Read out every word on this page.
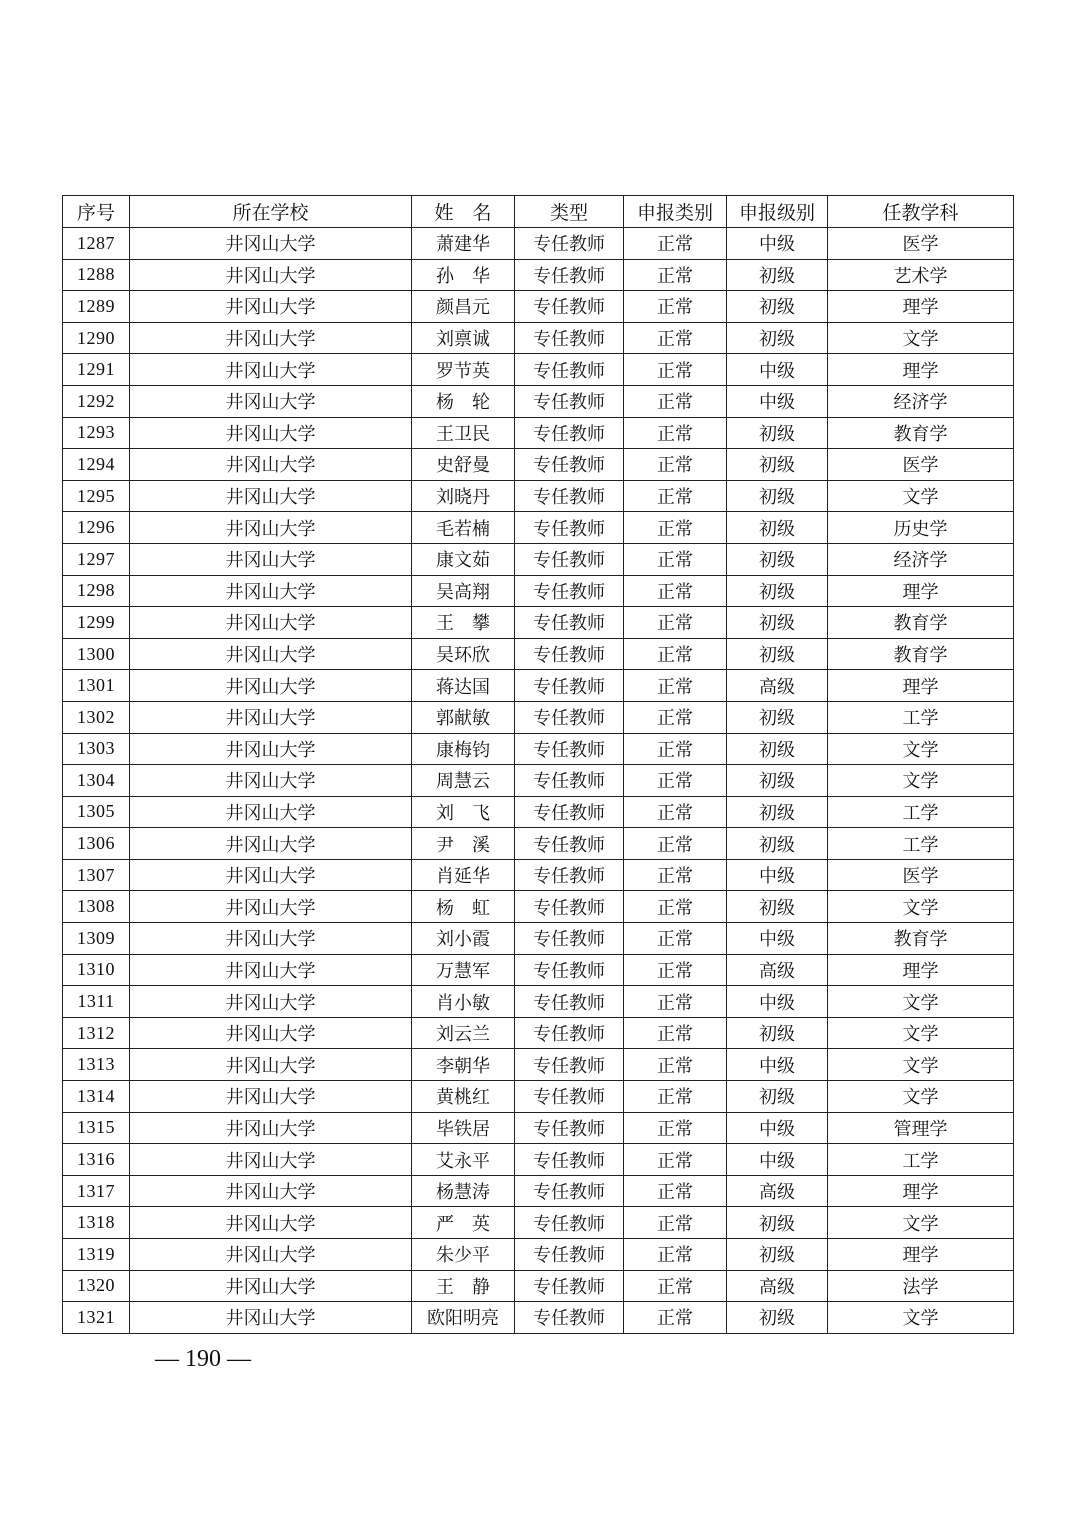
序号	所在学校	姓　名	类型	申报类别	申报级别	任教学科
1287	井冈山大学	萧建华	专任教师	正常	中级	医学
1288	井冈山大学	孙　华	专任教师	正常	初级	艺术学
1289	井冈山大学	颜昌元	专任教师	正常	初级	理学
1290	井冈山大学	刘禀诚	专任教师	正常	初级	文学
1291	井冈山大学	罗节英	专任教师	正常	中级	理学
1292	井冈山大学	杨　轮	专任教师	正常	中级	经济学
1293	井冈山大学	王卫民	专任教师	正常	初级	教育学
1294	井冈山大学	史舒曼	专任教师	正常	初级	医学
1295	井冈山大学	刘晓丹	专任教师	正常	初级	文学
1296	井冈山大学	毛若楠	专任教师	正常	初级	历史学
1297	井冈山大学	康文茹	专任教师	正常	初级	经济学
1298	井冈山大学	吴高翔	专任教师	正常	初级	理学
1299	井冈山大学	王　攀	专任教师	正常	初级	教育学
1300	井冈山大学	吴环欣	专任教师	正常	初级	教育学
1301	井冈山大学	蒋达国	专任教师	正常	高级	理学
1302	井冈山大学	郭献敏	专任教师	正常	初级	工学
1303	井冈山大学	康梅钧	专任教师	正常	初级	文学
1304	井冈山大学	周慧云	专任教师	正常	初级	文学
1305	井冈山大学	刘　飞	专任教师	正常	初级	工学
1306	井冈山大学	尹　溪	专任教师	正常	初级	工学
1307	井冈山大学	肖延华	专任教师	正常	中级	医学
1308	井冈山大学	杨　虹	专任教师	正常	初级	文学
1309	井冈山大学	刘小霞	专任教师	正常	中级	教育学
1310	井冈山大学	万慧军	专任教师	正常	高级	理学
1311	井冈山大学	肖小敏	专任教师	正常	中级	文学
1312	井冈山大学	刘云兰	专任教师	正常	初级	文学
1313	井冈山大学	李朝华	专任教师	正常	中级	文学
1314	井冈山大学	黄桃红	专任教师	正常	初级	文学
1315	井冈山大学	毕铁居	专任教师	正常	中级	管理学
1316	井冈山大学	艾永平	专任教师	正常	中级	工学
1317	井冈山大学	杨慧涛	专任教师	正常	高级	理学
1318	井冈山大学	严　英	专任教师	正常	初级	文学
1319	井冈山大学	朱少平	专任教师	正常	初级	理学
1320	井冈山大学	王　静	专任教师	正常	高级	法学
1321	井冈山大学	欧阳明亮	专任教师	正常	初级	文学
— 190 —
